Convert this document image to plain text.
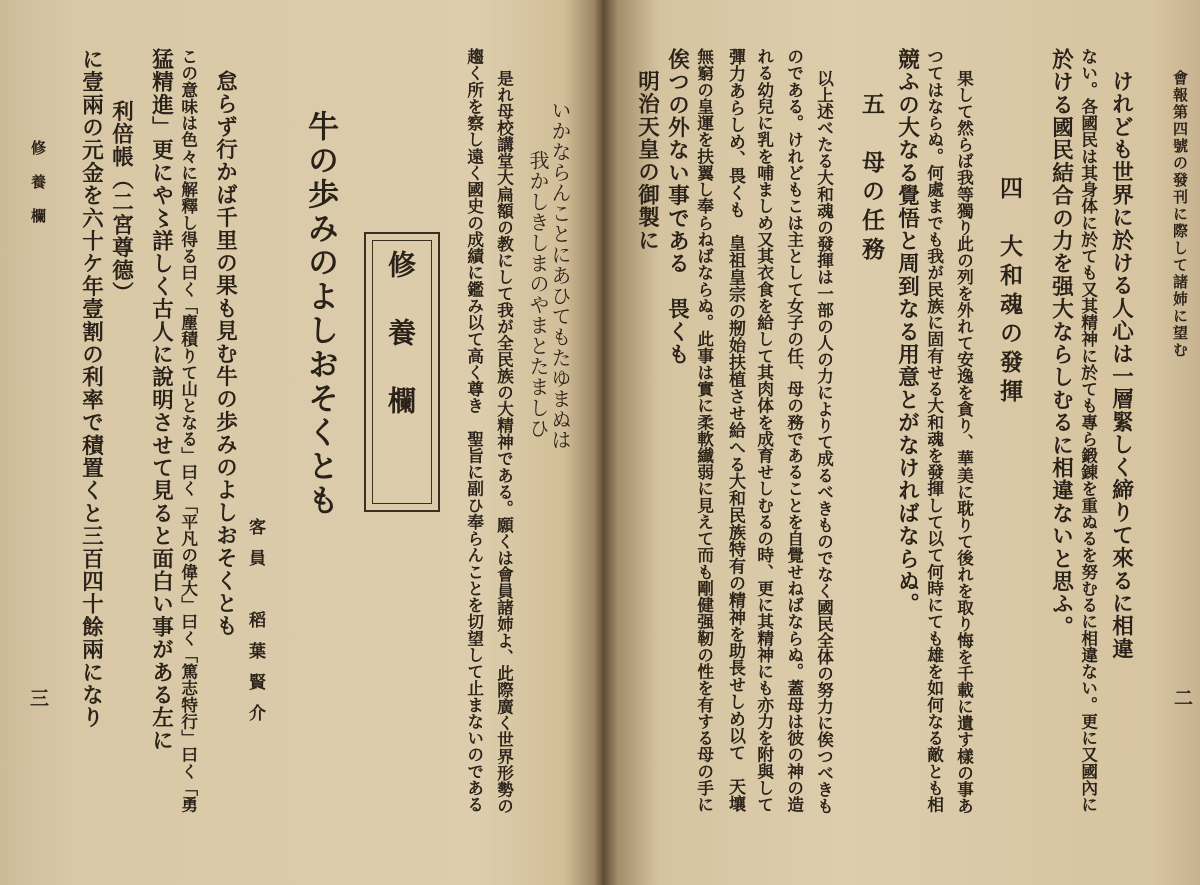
會報第四號の發刊に際して諸姉に望む
二
けれども世界に於ける人心は一層緊しく締りて來るに相違
ない。各國民は其身体に於ても又其精神に於ても專ら鍛錬を重ぬるを努むるに相違ない。更に又國內に
於ける國民結合の力を强大ならしむるに相違ないと思ふ。
四　大和魂の發揮
果して然らば我等獨り此の列を外れて安逸を貪り、華美に耽りて後れを取り悔を千載に遺す樣の事あ
つてはならぬ。何處までも我が民族に固有せる大和魂を發揮して以て何時にても雄を如何なる敵とも相
競ふの大なる覺悟と周到なる用意とがなければならぬ。
五　母の任務
以上述べたる大和魂の發揮は一部の人の力によりて成るべきものでなく國民全体の努力に俟つべきも
のである。けれどもこは主として女子の任、母の務であることを自覺せねばならぬ。蓋母は彼の神の造
れる幼兒に乳を哺ましめ又其衣食を給して其肉体を成育せしむるの時、更に其精神にも亦力を附與して
彈力あらしめ、畏くも　皇祖皇宗の剏始扶植させ給へる大和民族特有の精神を助長せしめ以て　天壤
無窮の皇運を扶翼し奉らねばならぬ。此事は實に柔軟纎弱に見えて而も剛健强靭の性を有する母の手に
俟つの外ない事である　畏くも
明治天皇の御製に
いかならんことにあひてもたゆまぬは
我かしきしまのやまとたましひ
是れ母校講堂大扁額の教にして我が全民族の大精神である。願くは會員諸姉よ、此際廣く世界形勢の
趨く所を察し遠く國史の成績に鑑み以て高く尊き　聖旨に副ひ奉らんことを切望して止まないのである
修養欄
牛の歩みのよしおそくとも
客員　稻葉賢介
怠らず行かば千里の果も見む牛の歩みのよしおそくとも
この意味は色々に解釋し得る曰く「塵積りて山となる」曰く「平凡の偉大」曰く「篤志特行」曰く「勇
猛精進」更にや〻詳しく古人に說明させて見ると面白い事がある左に
利倍帳（二宮尊德）
に壹兩の元金を六十ケ年壹割の利率で積置くと三百四十餘兩になり
修　養　欄
三
